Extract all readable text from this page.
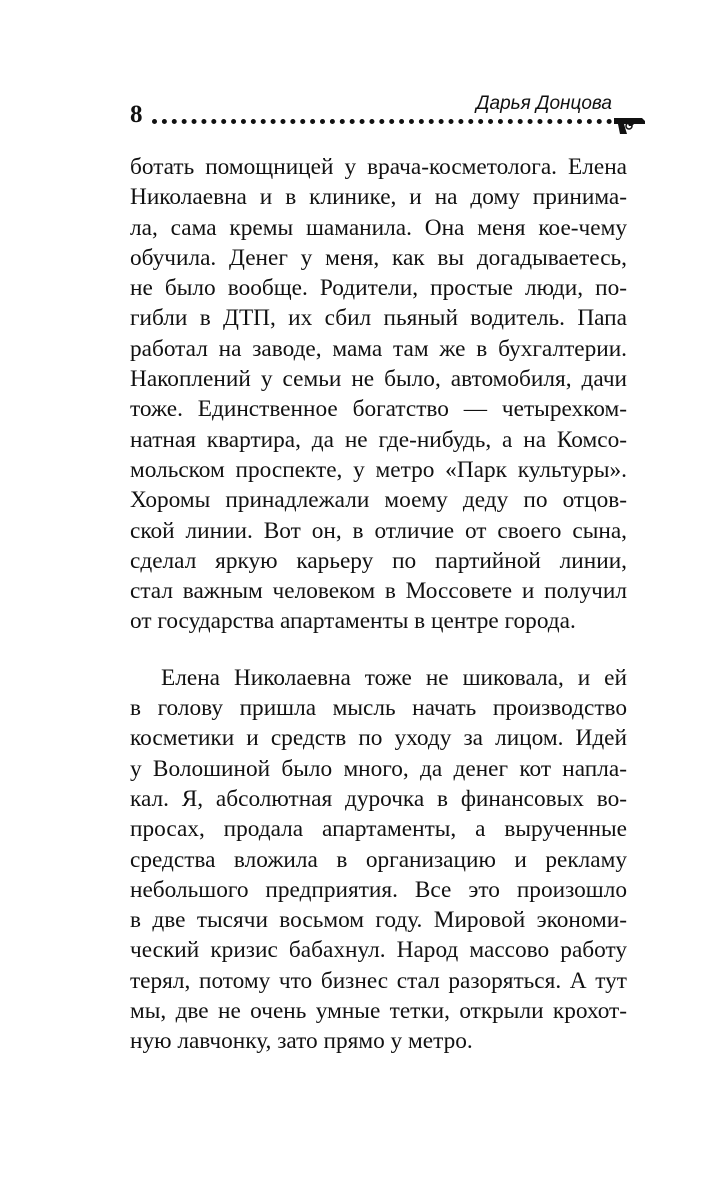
8	Дарья Донцова

ботать помощницей у врача-косметолога. Елена
Николаевна и в клинике, и на дому принима-
ла, сама кремы шаманила. Она меня кое-чему
обучила. Денег у меня, как вы догадываетесь,
не было вообще. Родители, простые люди, по-
гибли в ДТП, их сбил пьяный водитель. Папа
работал на заводе, мама там же в бухгалтерии.
Накоплений у семьи не было, автомобиля, дачи
тоже. Единственное богатство — четырехком-
натная квартира, да не где-нибудь, а на Комсо-
мольском проспекте, у метро «Парк культуры».
Хоромы принадлежали моему деду по отцов-
ской линии. Вот он, в отличие от своего сына,
сделал яркую карьеру по партийной линии,
стал важным человеком в Моссовете и получил
от государства апартаменты в центре города.

Елена Николаевна тоже не шиковала, и ей
в голову пришла мысль начать производство
косметики и средств по уходу за лицом. Идей
у Волошиной было много, да денег кот напла-
кал. Я, абсолютная дурочка в финансовых во-
просах, продала апартаменты, а вырученные
средства вложила в организацию и рекламу
небольшого предприятия. Все это произошло
в две тысячи восьмом году. Мировой экономи-
ческий кризис бабахнул. Народ массово работу
терял, потому что бизнес стал разоряться. А тут
мы, две не очень умные тетки, открыли крохот-
ную лавчонку, зато прямо у метро.
